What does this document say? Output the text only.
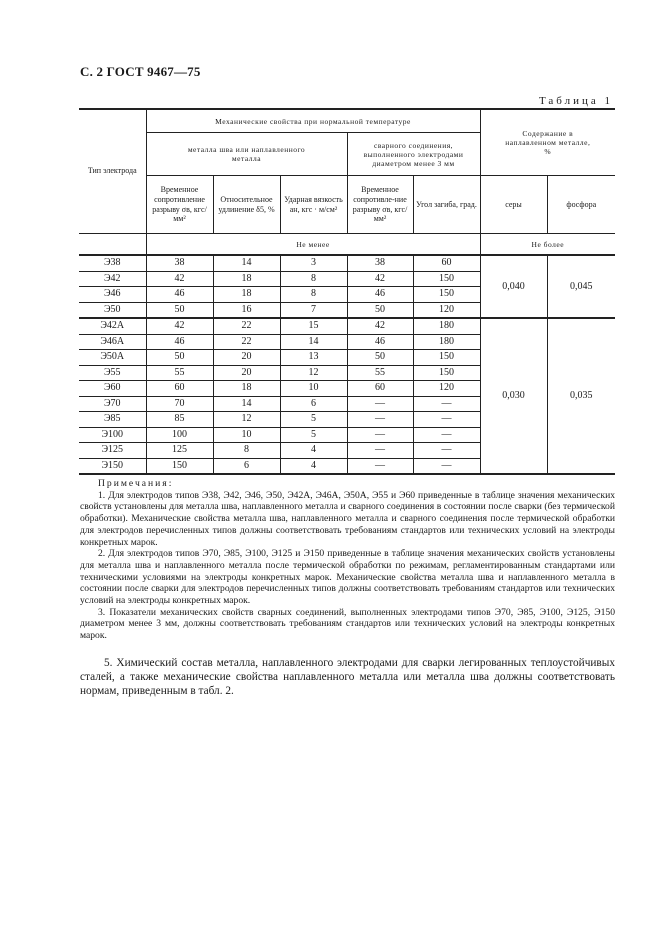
С. 2 ГОСТ 9467—75
Таблица 1
Тип электрода	Механические свойства при нормальной температуре					Содержание в наплавленном металле, %	
	металла шва или наплавленного металла			сварного соединения, выполненного электродами диаметром менее 3 мм			
	Временное сопротивление разрыву σв, кгс/мм²	Относительное удлинение δ5, %	Ударная вязкость aн, кгс · м/см²	Временное сопротивле-ние разрыву σв, кгс/мм²	Угол загиба, град.	серы	фосфора
	Не менее					Не более	
Э38	38	14	3	38	60	0,040	0,045
Э42	42	18	8	42	150		
Э46	46	18	8	46	150		
Э50	50	16	7	50	120		
Э42А	42	22	15	42	180	0,030	0,035
Э46А	46	22	14	46	180		
Э50А	50	20	13	50	150		
Э55	55	20	12	55	150		
Э60	60	18	10	60	120		
Э70	70	14	6	—	—		
Э85	85	12	5	—	—		
Э100	100	10	5	—	—		
Э125	125	8	4	—	—		
Э150	150	6	4	—	—		

Примечания:

1. Для электродов типов Э38, Э42, Э46, Э50, Э42А, Э46А, Э50А, Э55 и Э60 приведенные в таблице значения механических свойств установлены для металла шва, наплавленного металла и сварного соединения в состоянии после сварки (без термической обработки). Механические свойства металла шва, наплавленного металла и сварного соединения после термической обработки для электродов перечисленных типов должны соответствовать требованиям стандартов или технических условий на электроды конкретных марок.

2. Для электродов типов Э70, Э85, Э100, Э125 и Э150 приведенные в таблице значения механических свойств установлены для металла шва и наплавленного металла после термической обработки по режимам, регламентированным стандартами или техническими условиями на электроды конкретных марок. Механические свойства металла шва и наплавленного металла в состоянии после сварки для электродов перечисленных типов должны соответствовать требованиям стандартов или технических условий на электроды конкретных марок.

3. Показатели механических свойств сварных соединений, выполненных электродами типов Э70, Э85, Э100, Э125, Э150 диаметром менее 3 мм, должны соответствовать требованиям стандартов или технических условий на электроды конкретных марок.

5. Химический состав металла, наплавленного электродами для сварки легированных теплоустойчивых сталей, а также механические свойства наплавленного металла или металла шва должны соответствовать нормам, приведенным в табл. 2.
